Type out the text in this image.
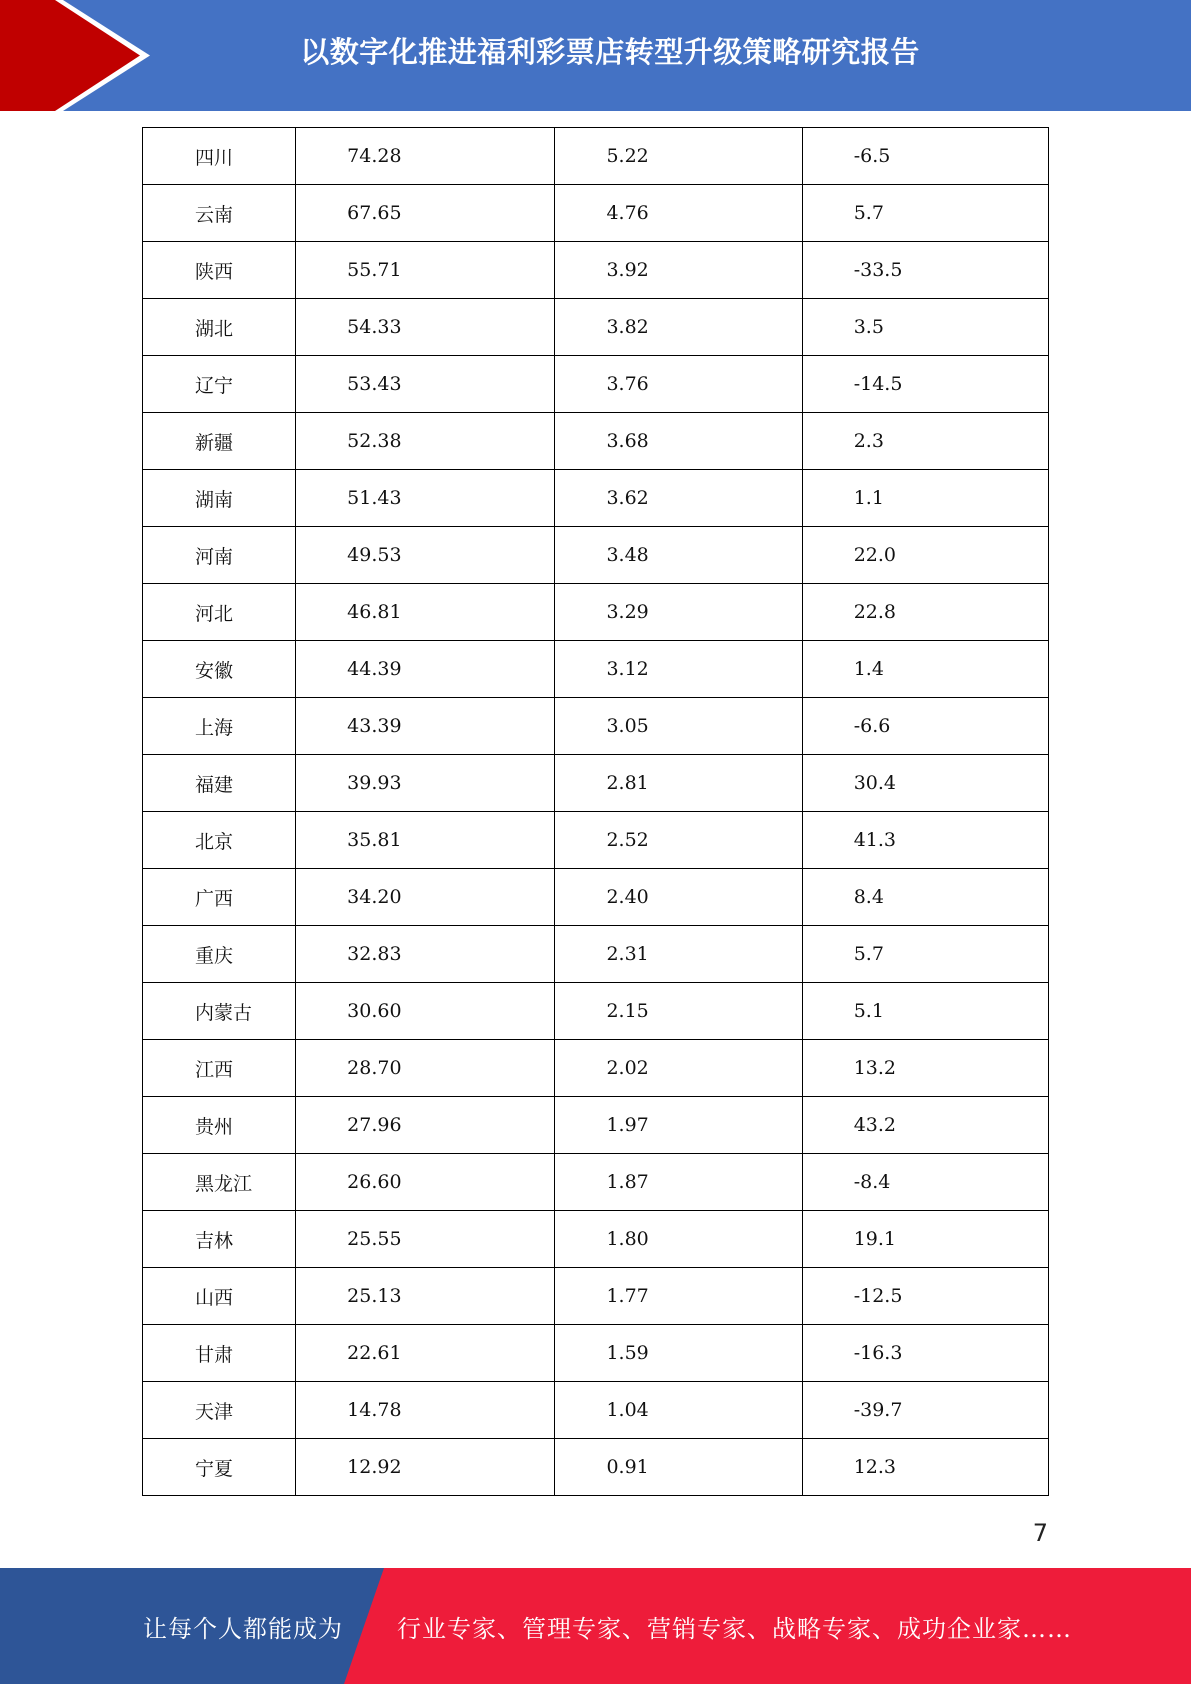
以数字化推进福利彩票店转型升级策略研究报告
四川	74.28	5.22	-6.5

云南	67.65	4.76	5.7

陕西	55.71	3.92	-33.5

湖北	54.33	3.82	3.5

辽宁	53.43	3.76	-14.5

新疆	52.38	3.68	2.3

湖南	51.43	3.62	1.1

河南	49.53	3.48	22.0

河北	46.81	3.29	22.8

安徽	44.39	3.12	1.4

上海	43.39	3.05	-6.6

福建	39.93	2.81	30.4

北京	35.81	2.52	41.3

广西	34.20	2.40	8.4

重庆	32.83	2.31	5.7

内蒙古	30.60	2.15	5.1

江西	28.70	2.02	13.2

贵州	27.96	1.97	43.2

黑龙江	26.60	1.87	-8.4

吉林	25.55	1.80	19.1

山西	25.13	1.77	-12.5

甘肃	22.61	1.59	-16.3

天津	14.78	1.04	-39.7

宁夏	12.92	0.91	12.3
7
让每个人都能成为 行业专家、管理专家、营销专家、战略专家、成功企业家……
